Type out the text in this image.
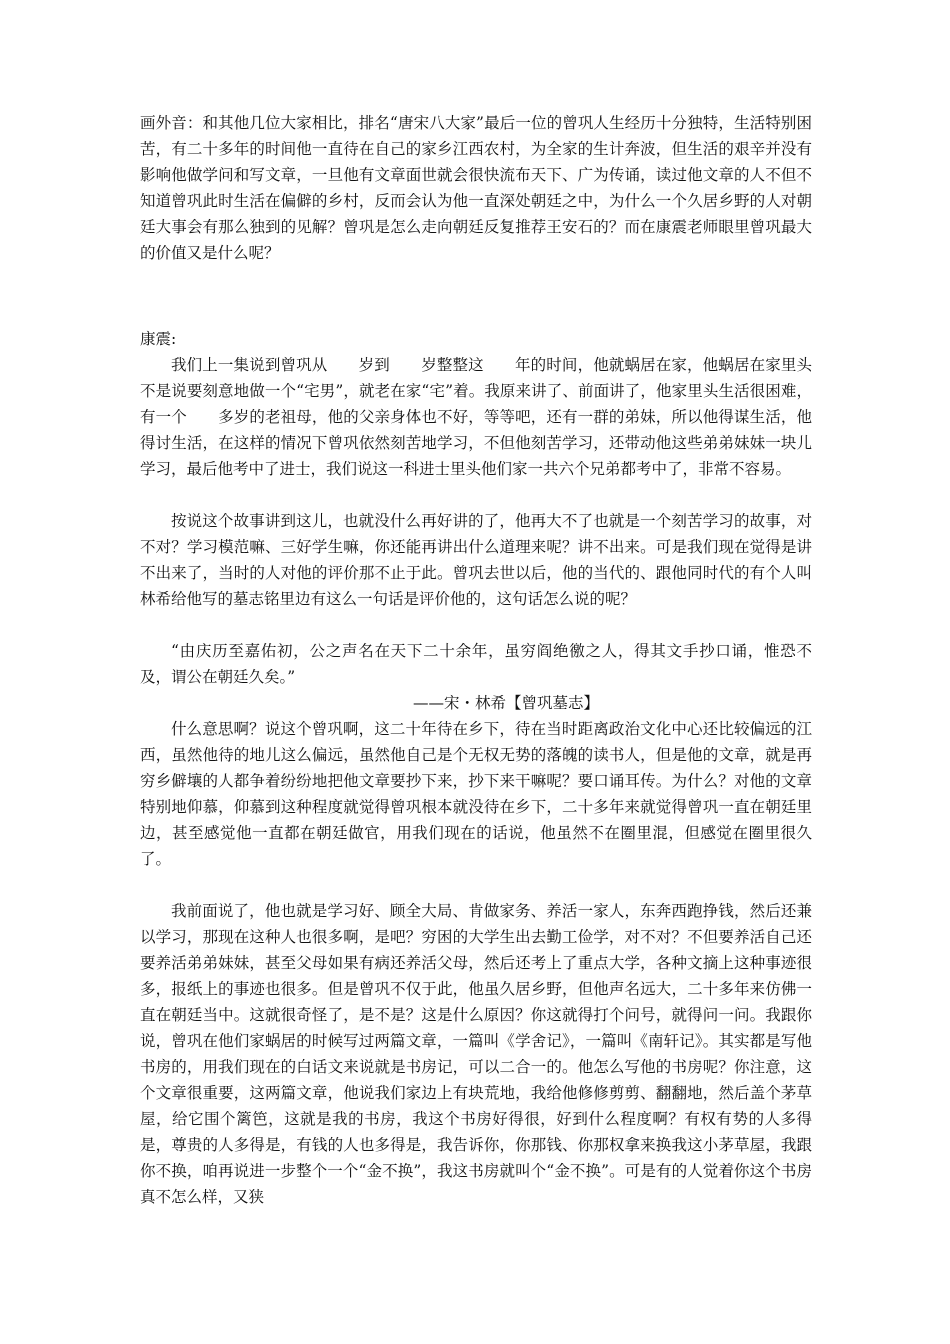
画外音：和其他几位大家相比，排名“唐宋八大家”最后一位的曾巩人生经历十分独特，生活特别困苦，有二十多年的时间他一直待在自己的家乡江西农村，为全家的生计奔波，但生活的艰辛并没有影响他做学问和写文章，一旦他有文章面世就会很快流布天下、广为传诵，读过他文章的人不但不知道曾巩此时生活在偏僻的乡村，反而会认为他一直深处朝廷之中，为什么一个久居乡野的人对朝廷大事会有那么独到的见解？曾巩是怎么走向朝廷反复推荐王安石的？而在康震老师眼里曾巩最大的价值又是什么呢？

康震:

我们上一集说到曾巩从　　岁到　　岁整整这　　年的时间，他就蜗居在家，他蜗居在家里头不是说要刻意地做一个“宅男”，就老在家“宅”着。我原来讲了、前面讲了，他家里头生活很困难，有一个　　多岁的老祖母，他的父亲身体也不好，等等吧，还有一群的弟妹，所以他得谋生活，他得讨生活，在这样的情况下曾巩依然刻苦地学习，不但他刻苦学习，还带动他这些弟弟妹妹一块儿学习，最后他考中了进士，我们说这一科进士里头他们家一共六个兄弟都考中了，非常不容易。

按说这个故事讲到这儿，也就没什么再好讲的了，他再大不了也就是一个刻苦学习的故事，对不对？学习模范嘛、三好学生嘛，你还能再讲出什么道理来呢？讲不出来。可是我们现在觉得是讲不出来了，当时的人对他的评价那不止于此。曾巩去世以后，他的当代的、跟他同时代的有个人叫林希给他写的墓志铭里边有这么一句话是评价他的，这句话怎么说的呢？

“由庆历至嘉佑初，公之声名在天下二十余年，虽穷阎绝徼之人，得其文手抄口诵，惟恐不及，谓公在朝廷久矣。”

——宋・林希【曾巩墓志】

什么意思啊？说这个曾巩啊，这二十年待在乡下，待在当时距离政治文化中心还比较偏远的江西，虽然他待的地儿这么偏远，虽然他自己是个无权无势的落魄的读书人，但是他的文章，就是再穷乡僻壤的人都争着纷纷地把他文章要抄下来，抄下来干嘛呢？要口诵耳传。为什么？对他的文章特别地仰慕，仰慕到这种程度就觉得曾巩根本就没待在乡下，二十多年来就觉得曾巩一直在朝廷里边，甚至感觉他一直都在朝廷做官，用我们现在的话说，他虽然不在圈里混，但感觉在圈里很久了。

我前面说了，他也就是学习好、顾全大局、肯做家务、养活一家人，东奔西跑挣钱，然后还兼以学习，那现在这种人也很多啊，是吧？穷困的大学生出去勤工俭学，对不对？不但要养活自己还要养活弟弟妹妹，甚至父母如果有病还养活父母，然后还考上了重点大学，各种文摘上这种事迹很多，报纸上的事迹也很多。但是曾巩不仅于此，他虽久居乡野，但他声名远大，二十多年来仿佛一直在朝廷当中。这就很奇怪了，是不是？这是什么原因？你这就得打个问号，就得问一问。我跟你说，曾巩在他们家蜗居的时候写过两篇文章，一篇叫《学舍记》，一篇叫《南轩记》。其实都是写他书房的，用我们现在的白话文来说就是书房记，可以二合一的。他怎么写他的书房呢？你注意，这个文章很重要，这两篇文章，他说我们家边上有块荒地，我给他修修剪剪、翻翻地，然后盖个茅草屋，给它围个篱笆，这就是我的书房，我这个书房好得很，好到什么程度啊？有权有势的人多得是，尊贵的人多得是，有钱的人也多得是，我告诉你，你那钱、你那权拿来换我这小茅草屋，我跟你不换，咱再说进一步整个一个“金不换”，我这书房就叫个“金不换”。可是有的人觉着你这个书房真不怎么样，又狭
